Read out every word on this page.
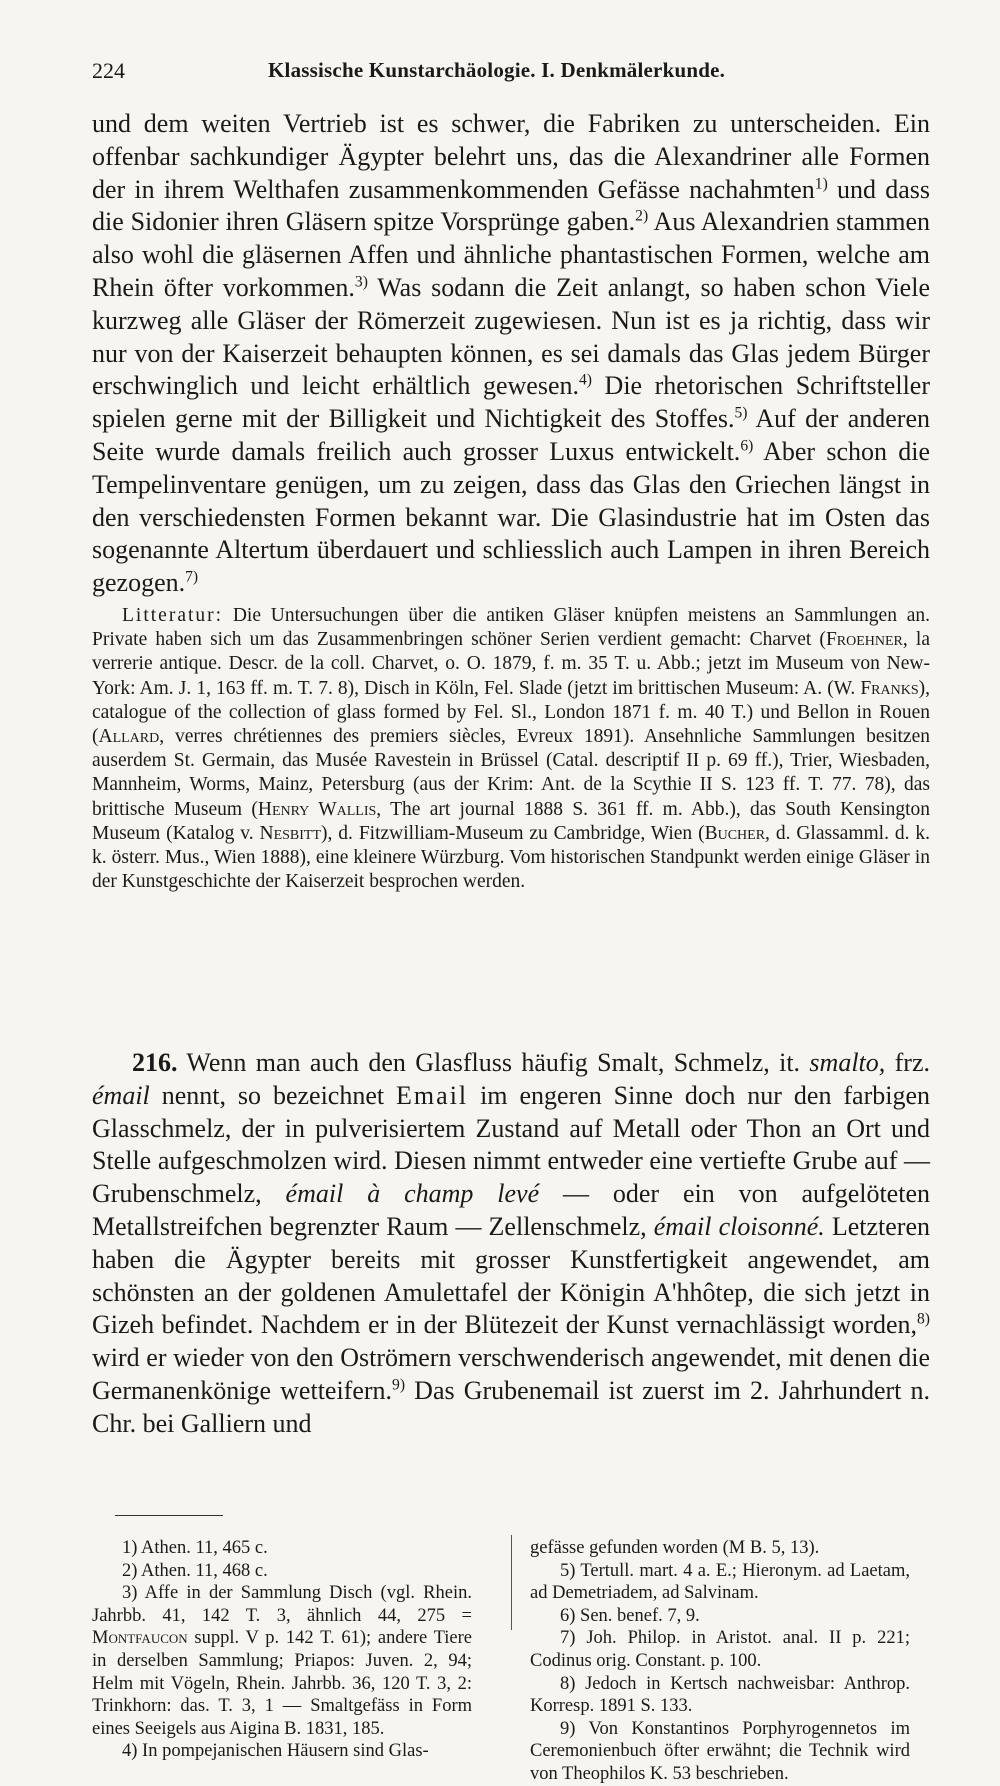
224	Klassische Kunstarchäologie. I. Denkmälerkunde.

und dem weiten Vertrieb ist es schwer, die Fabriken zu unterscheiden. Ein offenbar sachkundiger Ägypter belehrt uns, das die Alexandriner alle Formen der in ihrem Welthafen zusammenkommenden Gefässe nachahmten$^{1)}$ und dass die Sidonier ihren Gläsern spitze Vorsprünge gaben.$^{2)}$ Aus Alexandrien stammen also wohl die gläsernen Affen und ähnliche phantastischen Formen, welche am Rhein öfter vorkommen.$^{3)}$ Was sodann die Zeit anlangt, so haben schon Viele kurzweg alle Gläser der Römerzeit zugewiesen. Nun ist es ja richtig, dass wir nur von der Kaiserzeit behaupten können, es sei damals das Glas jedem Bürger erschwinglich und leicht erhältlich gewesen.$^{4)}$ Die rhetorischen Schriftsteller spielen gerne mit der Billigkeit und Nichtigkeit des Stoffes.$^{5)}$ Auf der anderen Seite wurde damals freilich auch grosser Luxus entwickelt.$^{6)}$ Aber schon die Tempelinventare genügen, um zu zeigen, dass das Glas den Griechen längst in den verschiedensten Formen bekannt war. Die Glasindustrie hat im Osten das sogenannte Altertum überdauert und schliesslich auch Lampen in ihren Bereich gezogen.$^{7)}$

Litteratur: Die Untersuchungen über die antiken Gläser knüpfen meistens an Sammlungen an. Private haben sich um das Zusammenbringen schöner Serien verdient gemacht: Charvet (Froehner, la verrerie antique. Descr. de la coll. Charvet, o. O. 1879, f. m. 35 T. u. Abb.; jetzt im Museum von New-York: Am. J. 1, 163 ff. m. T. 7. 8), Disch in Köln, Fel. Slade (jetzt im brittischen Museum: A. (W. Franks), catalogue of the collection of glass formed by Fel. Sl., London 1871 f. m. 40 T.) und Bellon in Rouen (Allard, verres chrétiennes des premiers siècles, Evreux 1891). Ansehnliche Sammlungen besitzen auserdem St. Germain, das Musée Ravestein in Brüssel (Catal. descriptif II p. 69 ff.), Trier, Wiesbaden, Mannheim, Worms, Mainz, Petersburg (aus der Krim: Ant. de la Scythie II S. 123 ff. T. 77. 78), das brittische Museum (Henry Wallis, The art journal 1888 S. 361 ff. m. Abb.), das South Kensington Museum (Katalog v. Nesbitt), d. Fitzwilliam-Museum zu Cambridge, Wien (Bucher, d. Glassamml. d. k. k. österr. Mus., Wien 1888), eine kleinere Würzburg. Vom historischen Standpunkt werden einige Gläser in der Kunstgeschichte der Kaiserzeit besprochen werden.

216. Wenn man auch den Glasfluss häufig Smalt, Schmelz, it. smalto, frz. émail nennt, so bezeichnet Email im engeren Sinne doch nur den farbigen Glasschmelz, der in pulverisiertem Zustand auf Metall oder Thon an Ort und Stelle aufgeschmolzen wird. Diesen nimmt entweder eine vertiefte Grube auf — Grubenschmelz, émail à champ levé — oder ein von aufgelöteten Metallstreifchen begrenzter Raum — Zellenschmelz, émail cloisonné. Letzteren haben die Ägypter bereits mit grosser Kunstfertigkeit angewendet, am schönsten an der goldenen Amulettafel der Königin A'hhôtep, die sich jetzt in Gizeh befindet. Nachdem er in der Blütezeit der Kunst vernachlässigt worden,$^{8)}$ wird er wieder von den Oströmern verschwenderisch angewendet, mit denen die Germanenkönige wetteifern.$^{9)}$ Das Grubenemail ist zuerst im 2. Jahrhundert n. Chr. bei Galliern und

1) Athen. 11, 465 c.

2) Athen. 11, 468 c.

3) Affe in der Sammlung Disch (vgl. Rhein. Jahrbb. 41, 142 T. 3, ähnlich 44, 275 = Montfaucon suppl. V p. 142 T. 61); andere Tiere in derselben Sammlung; Priapos: Juven. 2, 94; Helm mit Vögeln, Rhein. Jahrbb. 36, 120 T. 3, 2: Trinkhorn: das. T. 3, 1 — Smaltgefäss in Form eines Seeigels aus Aigina B. 1831, 185.

4) In pompejanischen Häusern sind Glas-

gefässe gefunden worden (M B. 5, 13).

5) Tertull. mart. 4 a. E.; Hieronym. ad Laetam, ad Demetriadem, ad Salvinam.

6) Sen. benef. 7, 9.

7) Joh. Philop. in Aristot. anal. II p. 221; Codinus orig. Constant. p. 100.

8) Jedoch in Kertsch nachweisbar: Anthrop. Korresp. 1891 S. 133.

9) Von Konstantinos Porphyrogennetos im Ceremonienbuch öfter erwähnt; die Technik wird von Theophilos K. 53 beschrieben.
